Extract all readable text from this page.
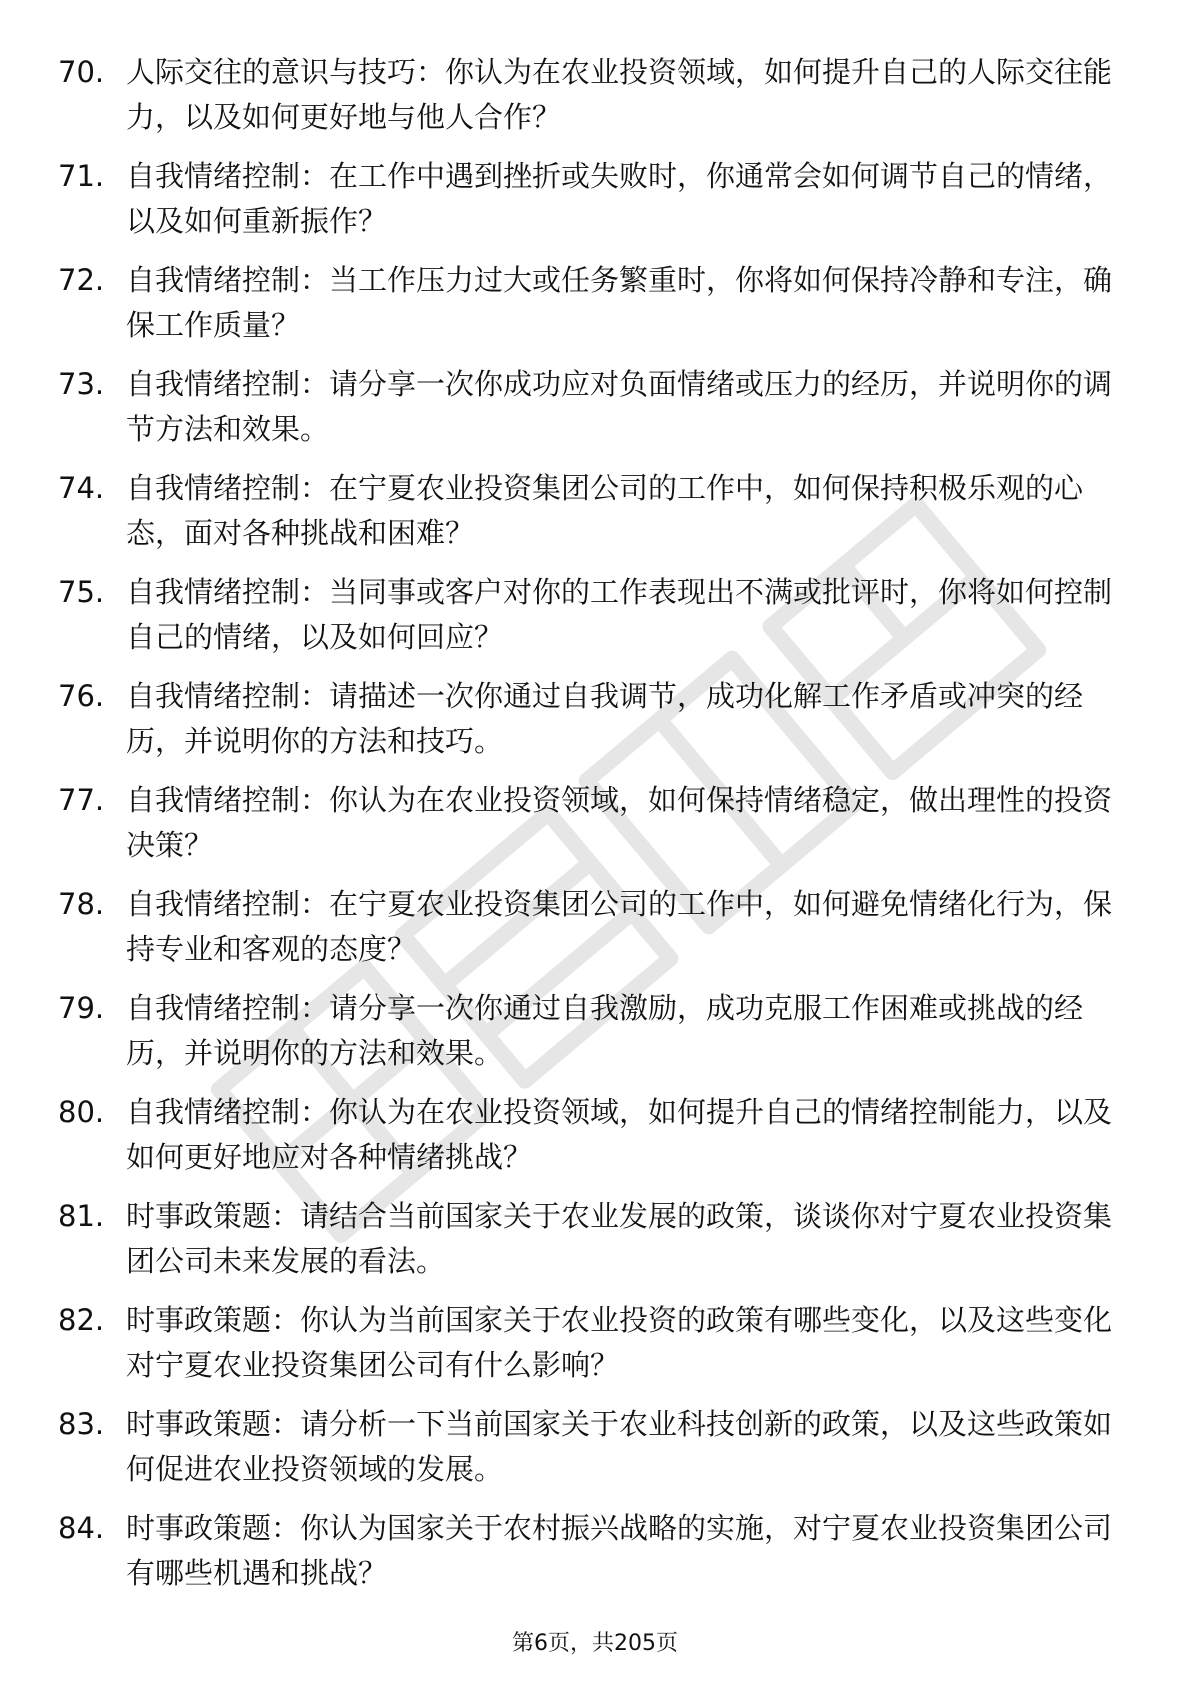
70. 人际交往的意识与技巧：你认为在农业投资领域，如何提升自己的人际交往能力，以及如何更好地与他人合作？
71. 自我情绪控制：在工作中遇到挫折或失败时，你通常会如何调节自己的情绪，以及如何重新振作？
72. 自我情绪控制：当工作压力过大或任务繁重时，你将如何保持冷静和专注，确保工作质量？
73. 自我情绪控制：请分享一次你成功应对负面情绪或压力的经历，并说明你的调节方法和效果。
74. 自我情绪控制：在宁夏农业投资集团公司的工作中，如何保持积极乐观的心态，面对各种挑战和困难？
75. 自我情绪控制：当同事或客户对你的工作表现出不满或批评时，你将如何控制自己的情绪，以及如何回应？
76. 自我情绪控制：请描述一次你通过自我调节，成功化解工作矛盾或冲突的经历，并说明你的方法和技巧。
77. 自我情绪控制：你认为在农业投资领域，如何保持情绪稳定，做出理性的投资决策？
78. 自我情绪控制：在宁夏农业投资集团公司的工作中，如何避免情绪化行为，保持专业和客观的态度？
79. 自我情绪控制：请分享一次你通过自我激励，成功克服工作困难或挑战的经历，并说明你的方法和效果。
80. 自我情绪控制：你认为在农业投资领域，如何提升自己的情绪控制能力，以及如何更好地应对各种情绪挑战？
81. 时事政策题：请结合当前国家关于农业发展的政策，谈谈你对宁夏农业投资集团公司未来发展的看法。
82. 时事政策题：你认为当前国家关于农业投资的政策有哪些变化，以及这些变化对宁夏农业投资集团公司有什么影响？
83. 时事政策题：请分析一下当前国家关于农业科技创新的政策，以及这些政策如何促进农业投资领域的发展。
84. 时事政策题：你认为国家关于农村振兴战略的实施，对宁夏农业投资集团公司有哪些机遇和挑战？
第6页，共205页
